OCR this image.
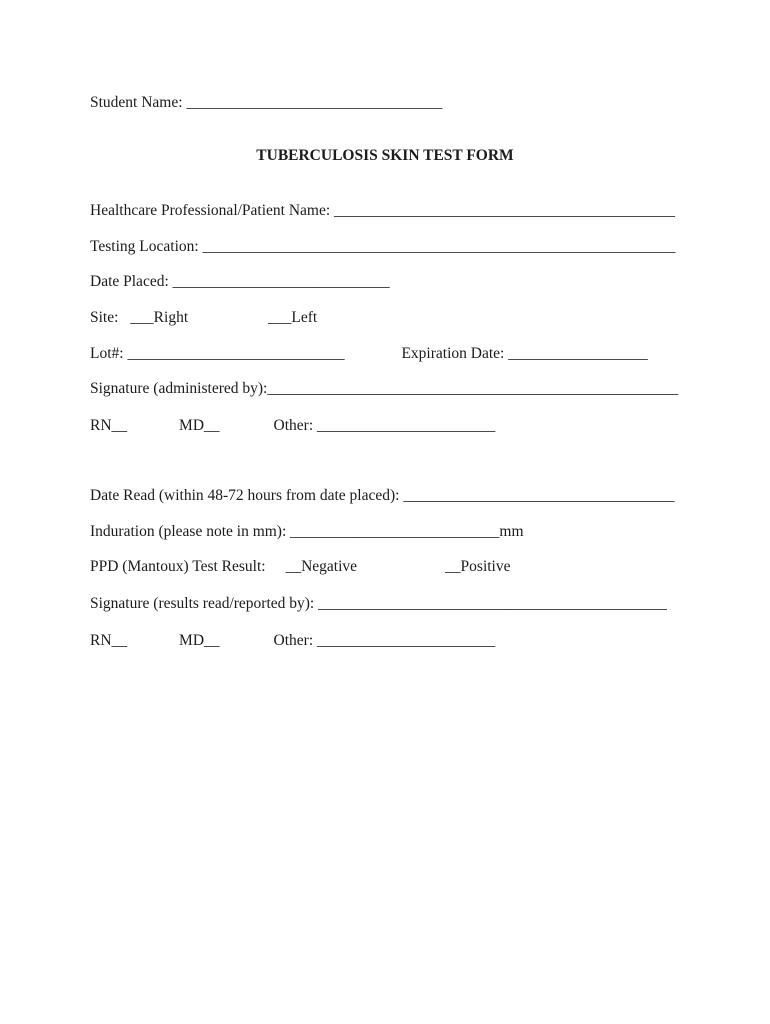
Student Name: _________________________________
TUBERCULOSIS SKIN TEST FORM
Healthcare Professional/Patient Name: ____________________________________________
Testing Location: _____________________________________________________________
Date Placed: ____________________________
Site: ___Right	___Left
Lot#: ____________________________	Expiration Date: __________________
Signature (administered by):_____________________________________________________
RN__	MD__	Other: _______________________
Date Read (within 48-72 hours from date placed): ___________________________________
Induration (please note in mm): ___________________________mm
PPD (Mantoux) Test Result: __Negative	__Positive
Signature (results read/reported by): _____________________________________________
RN__	MD__	Other: _______________________
